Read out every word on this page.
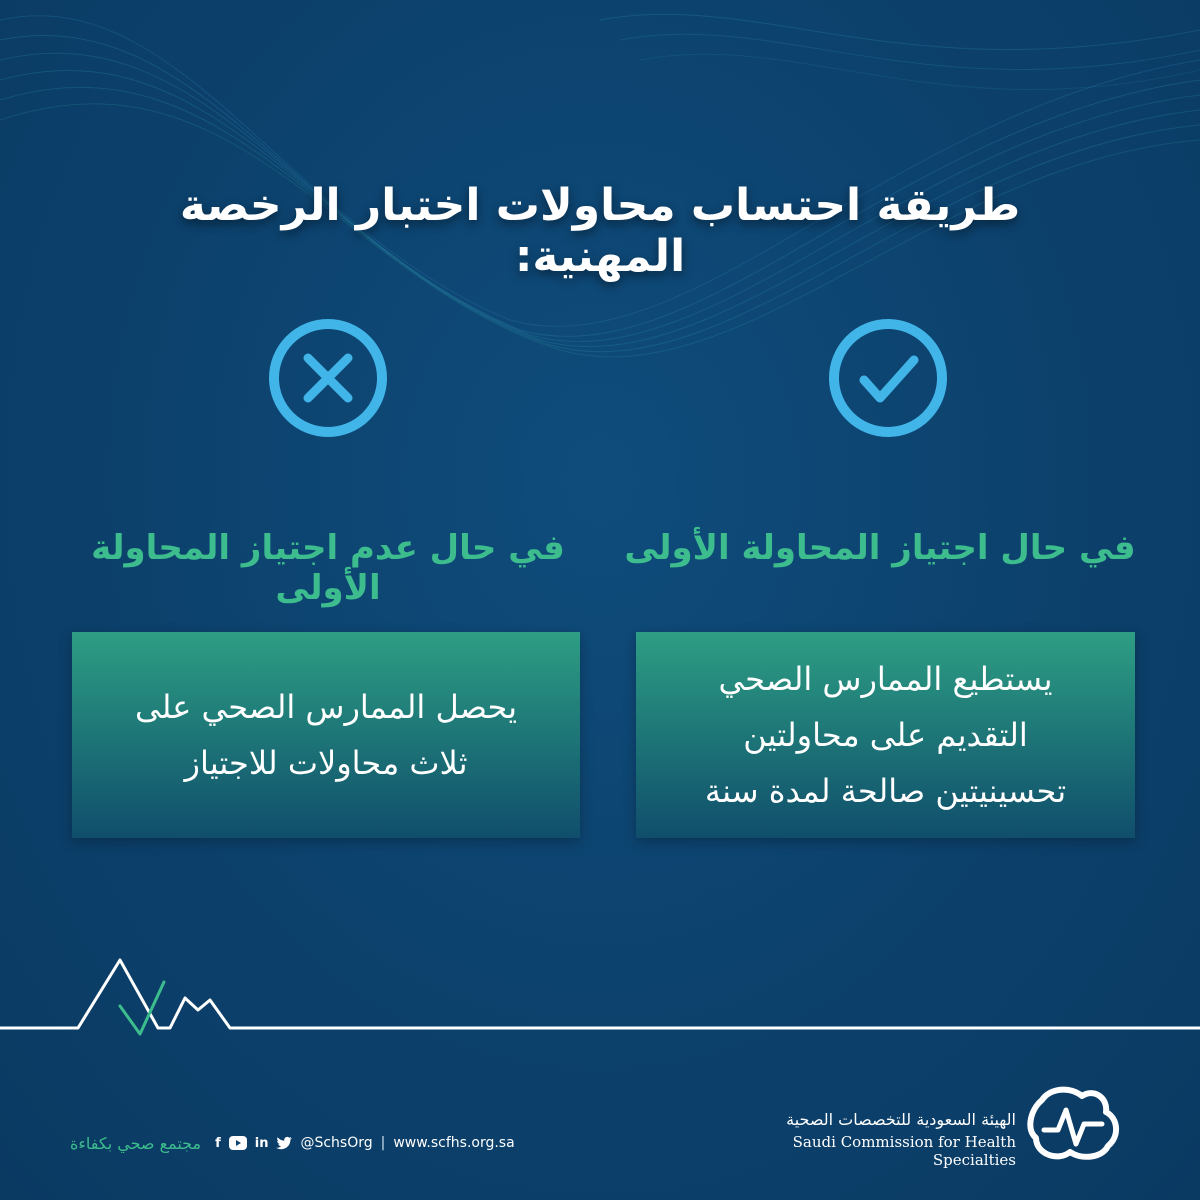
طريقة احتساب محاولات اختبار الرخصة المهنية:
في حال عدم اجتياز المحاولة الأولى
في حال اجتياز المحاولة الأولى
يحصل الممارس الصحي على
ثلاث محاولات للاجتياز
يستطيع الممارس الصحي
التقديم على محاولتين
تحسينيتين صالحة لمدة سنة
مجتمع صحي بكفاءة f	in @SchsOrg | www.scfhs.org.sa
الهيئة السعودية للتخصصات الصحية
Saudi Commission for Health Specialties
